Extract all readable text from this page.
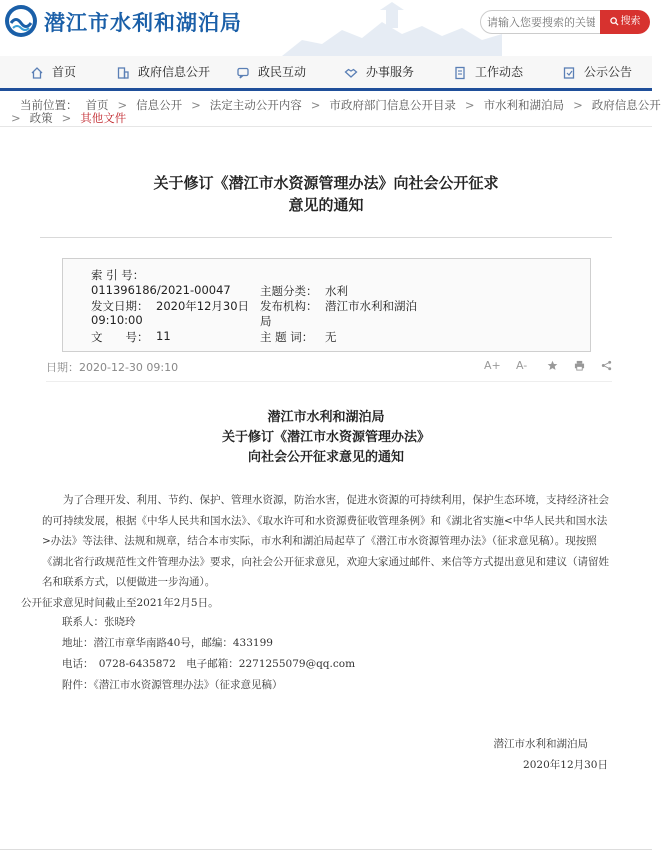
潜江市水利和湖泊局
请输入您要搜索的关键	搜索
首页	政府信息公开	政民互动	办事服务	工作动态	公示公告
当前位置： 首页 > 信息公开 > 法定主动公开内容 > 市政府部门信息公开目录 > 市水利和湖泊局 > 政府信息公开
> 政策 > 其他文件
关于修订《潜江市水资源管理办法》向社会公开征求
意见的通知
索 引 号：
011396186/2021-00047	主题分类： 水利
发文日期： 2020年12月30日
09:10:00
发布机构： 潜江市水利和湖泊
局
文　　号： 11	主 题 词： 无
日期：2020-12-30 09:10	A+ A-
潜江市水利和湖泊局
关于修订《潜江市水资源管理办法》
向社会公开征求意见的通知
为了合理开发、利用、节约、保护、管理水资源，防治水害，促进水资源的可持续利用，保护生态环境，支持经济社会的可持续发展，根据《中华人民共和国水法》、《取水许可和水资源费征收管理条例》和《湖北省实施<中华人民共和国水法>办法》等法律、法规和规章，结合本市实际，市水利和湖泊局起草了《潜江市水资源管理办法》（征求意见稿）。现按照《湖北省行政规范性文件管理办法》要求，向社会公开征求意见，欢迎大家通过邮件、来信等方式提出意见和建议（请留姓名和联系方式，以便做进一步沟通）。
公开征求意见时间截止至2021年2月5日。
联系人：张晓玲
地址：潜江市章华南路40号，邮编：433199
电话：　0728-6435872　电子邮箱：2271255079@qq.com
附件：《潜江市水资源管理办法》（征求意见稿）
潜江市水利和湖泊局
2020年12月30日
